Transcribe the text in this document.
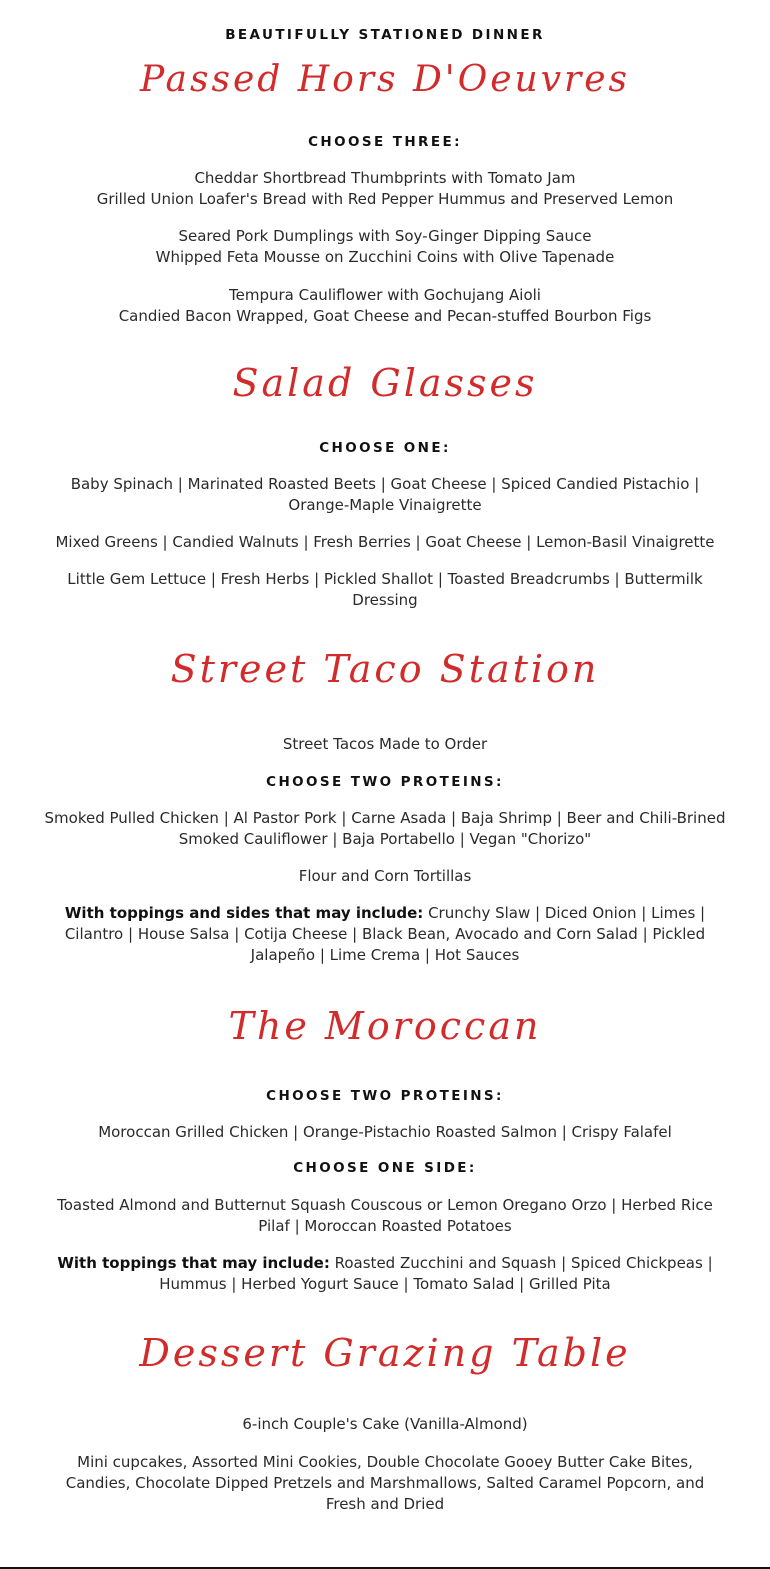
BEAUTIFULLY STATIONED DINNER
Passed Hors D'Oeuvres
CHOOSE THREE:

Cheddar Shortbread Thumbprints with Tomato Jam

Grilled Union Loafer's Bread with Red Pepper Hummus and Preserved Lemon

Seared Pork Dumplings with Soy-Ginger Dipping Sauce

Whipped Feta Mousse on Zucchini Coins with Olive Tapenade

Tempura Cauliflower with Gochujang Aioli

Candied Bacon Wrapped, Goat Cheese and Pecan-stuffed Bourbon Figs

Salad Glasses
CHOOSE ONE:

Baby Spinach | Marinated Roasted Beets | Goat Cheese | Spiced Candied Pistachio | Orange-Maple Vinaigrette

Mixed Greens | Candied Walnuts | Fresh Berries | Goat Cheese | Lemon-Basil Vinaigrette

Little Gem Lettuce | Fresh Herbs | Pickled Shallot | Toasted Breadcrumbs | Buttermilk Dressing

Street Taco Station

Street Tacos Made to Order

CHOOSE TWO PROTEINS:

Smoked Pulled Chicken | Al Pastor Pork | Carne Asada | Baja Shrimp | Beer and Chili-Brined Smoked Cauliflower | Baja Portabello | Vegan "Chorizo"

Flour and Corn Tortillas

With toppings and sides that may include: Crunchy Slaw | Diced Onion | Limes | Cilantro | House Salsa | Cotija Cheese | Black Bean, Avocado and Corn Salad | Pickled Jalapeño | Lime Crema | Hot Sauces

The Moroccan
CHOOSE TWO PROTEINS:

Moroccan Grilled Chicken | Orange-Pistachio Roasted Salmon | Crispy Falafel

CHOOSE ONE SIDE:

Toasted Almond and Butternut Squash Couscous or Lemon Oregano Orzo | Herbed Rice Pilaf | Moroccan Roasted Potatoes

With toppings that may include: Roasted Zucchini and Squash | Spiced Chickpeas | Hummus | Herbed Yogurt Sauce | Tomato Salad | Grilled Pita

Dessert Grazing Table

6-inch Couple's Cake (Vanilla-Almond)

Mini cupcakes, Assorted Mini Cookies, Double Chocolate Gooey Butter Cake Bites, Candies, Chocolate Dipped Pretzels and Marshmallows, Salted Caramel Popcorn, and Fresh and Dried
